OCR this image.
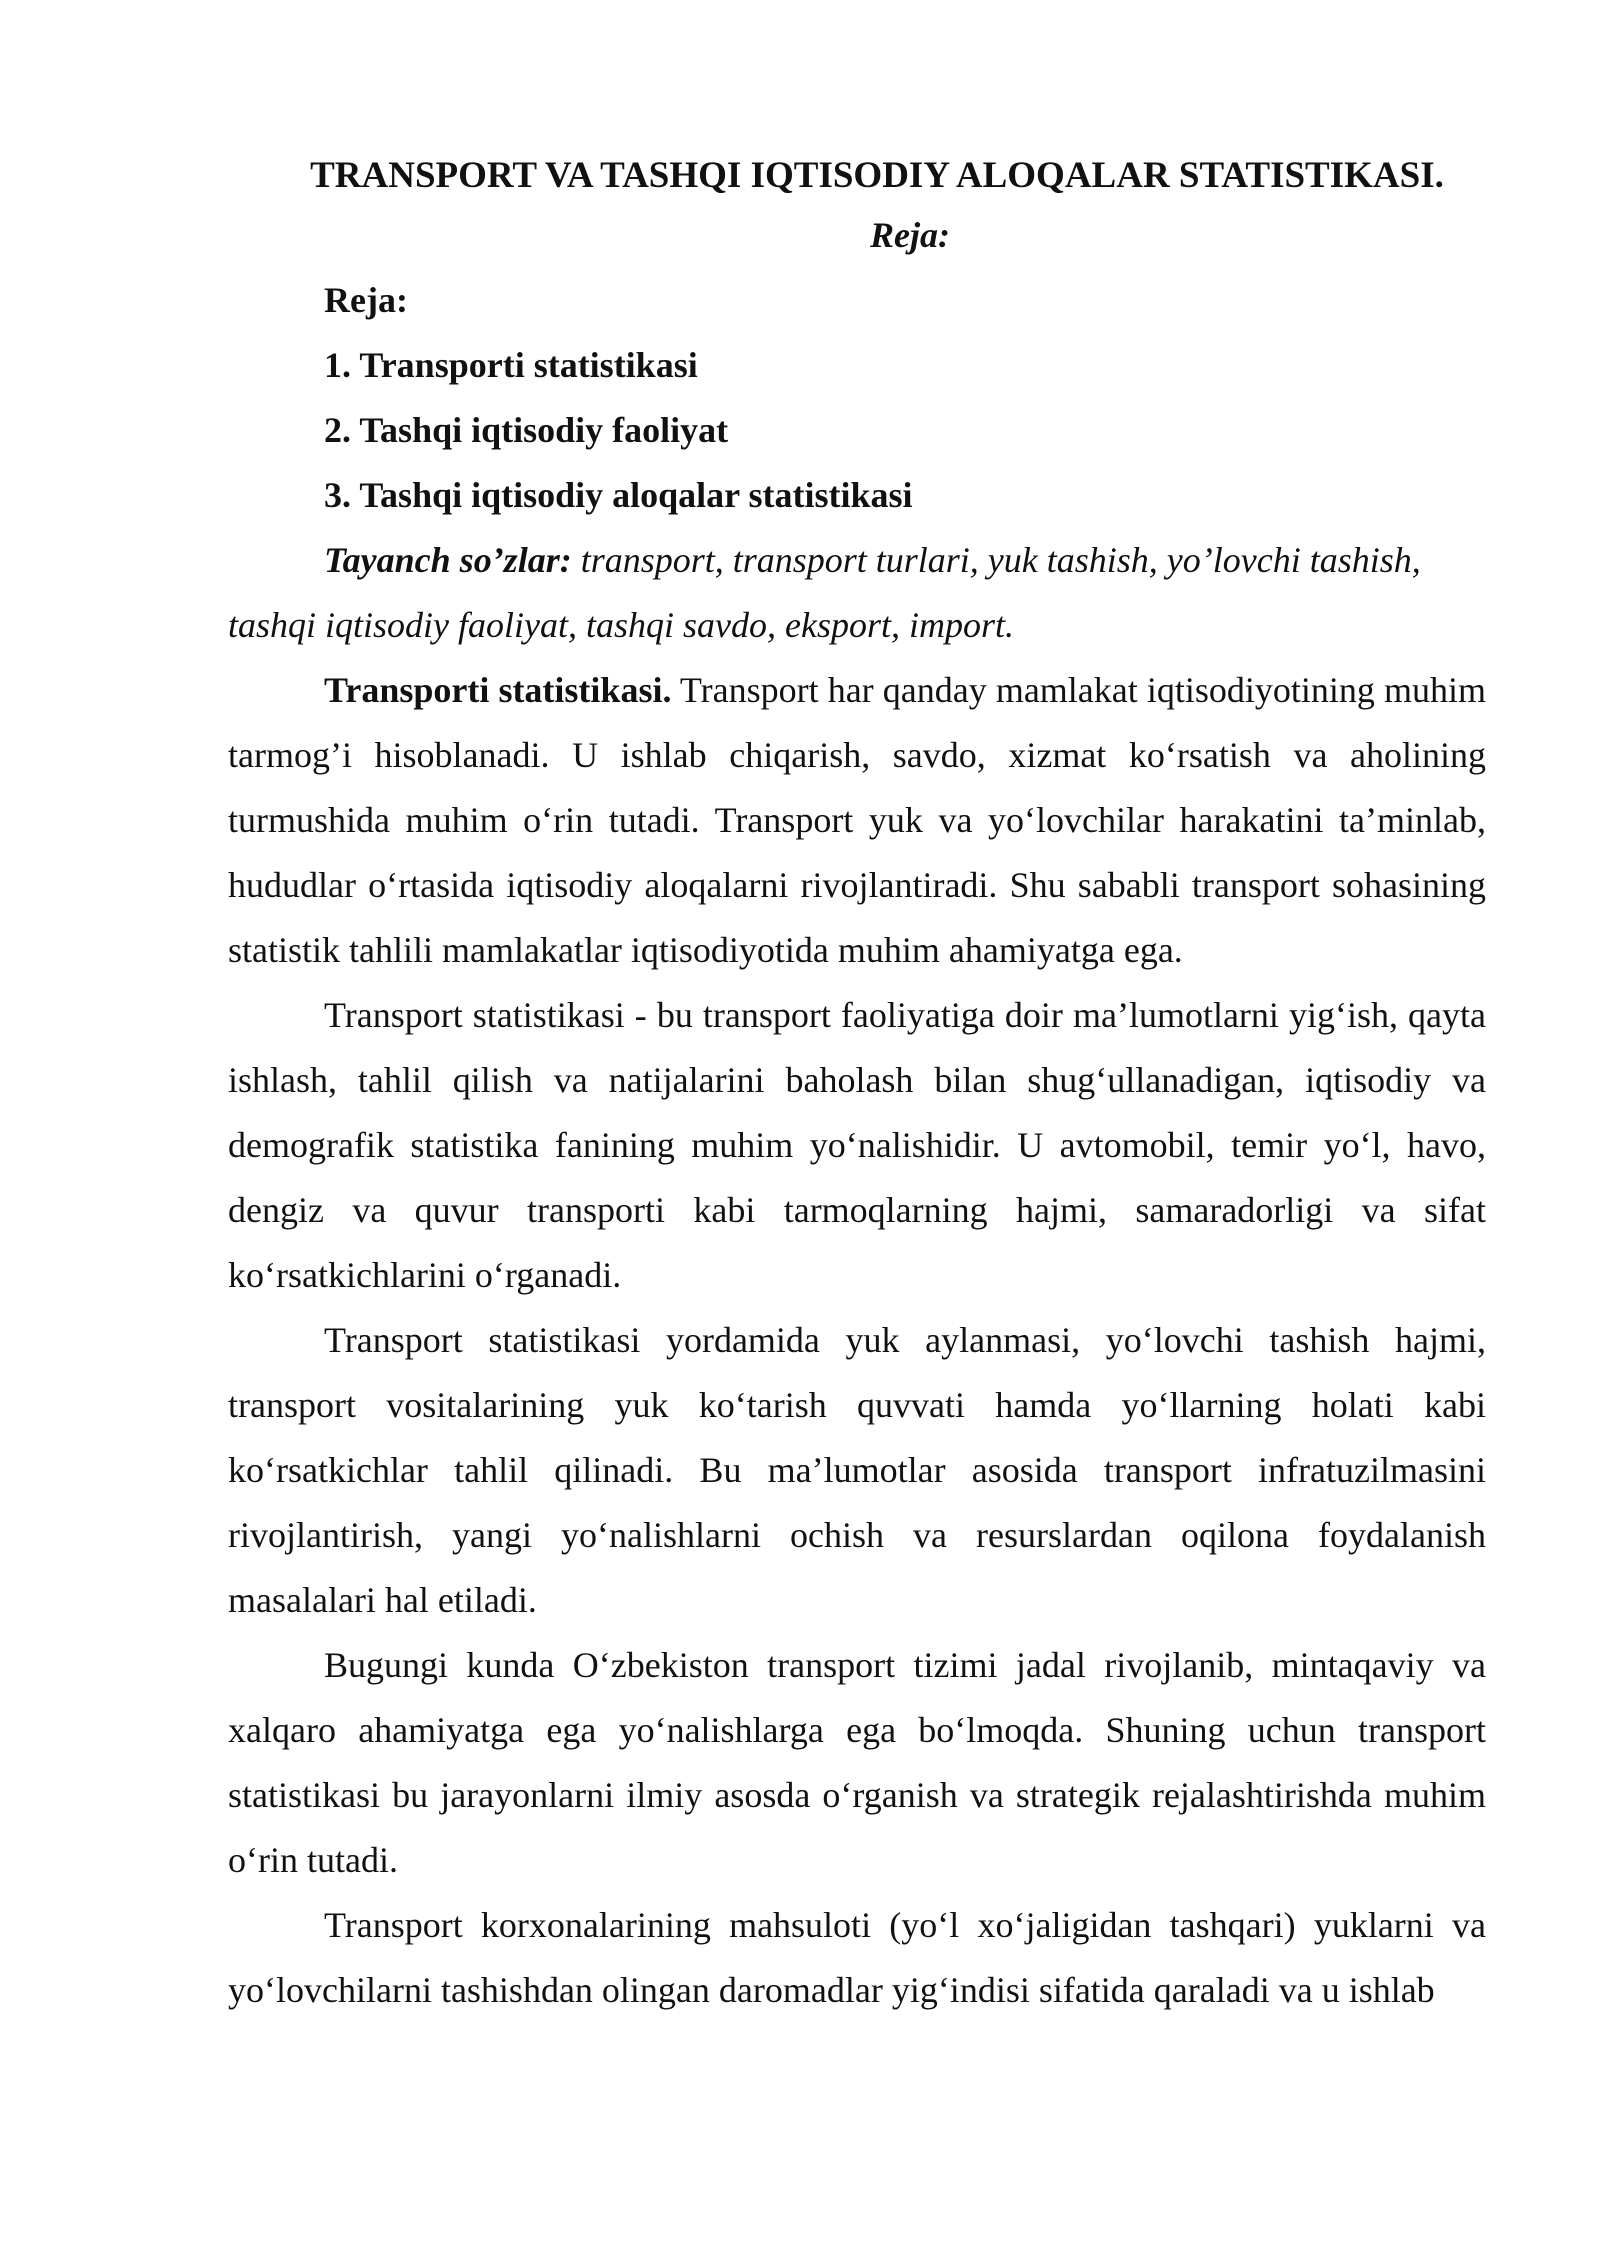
TRANSPORT VA TASHQI IQTISODIY ALOQALAR STATISTIKASI.
Reja:
Reja:
1. Transporti statistikasi
2. Tashqi iqtisodiy faoliyat
3. Tashqi iqtisodiy aloqalar statistikasi

Tayanch so’zlar: transport, transport turlari, yuk tashish, yo’lovchi tashish, tashqi iqtisodiy faoliyat, tashqi savdo, eksport, import.

Transporti statistikasi. Transport har qanday mamlakat iqtisodiyotining muhim tarmog’i hisoblanadi. U ishlab chiqarish, savdo, xizmat ko‘rsatish va aholining turmushida muhim o‘rin tutadi. Transport yuk va yo‘lovchilar harakatini ta’minlab, hududlar o‘rtasida iqtisodiy aloqalarni rivojlantiradi. Shu sababli transport sohasining statistik tahlili mamlakatlar iqtisodiyotida muhim ahamiyatga ega.

Transport statistikasi - bu transport faoliyatiga doir ma’lumotlarni yig‘ish, qayta ishlash, tahlil qilish va natijalarini baholash bilan shug‘ullanadigan, iqtisodiy va demografik statistika fanining muhim yo‘nalishidir. U avtomobil, temir yo‘l, havo, dengiz va quvur transporti kabi tarmoqlarning hajmi, samaradorligi va sifat ko‘rsatkichlarini o‘rganadi.

Transport statistikasi yordamida yuk aylanmasi, yo‘lovchi tashish hajmi, transport vositalarining yuk ko‘tarish quvvati hamda yo‘llarning holati kabi ko‘rsatkichlar tahlil qilinadi. Bu ma’lumotlar asosida transport infratuzilmasini rivojlantirish, yangi yo‘nalishlarni ochish va resurslardan oqilona foydalanish masalalari hal etiladi.

Bugungi kunda O‘zbekiston transport tizimi jadal rivojlanib, mintaqaviy va xalqaro ahamiyatga ega yo‘nalishlarga ega bo‘lmoqda. Shuning uchun transport statistikasi bu jarayonlarni ilmiy asosda o‘rganish va strategik rejalashtirishda muhim o‘rin tutadi.

Transport korxonalarining mahsuloti (yo‘l xo‘jaligidan tashqari) yuklarni va yo‘lovchilarni tashishdan olingan daromadlar yig‘indisi sifatida qaraladi va u ishlab
